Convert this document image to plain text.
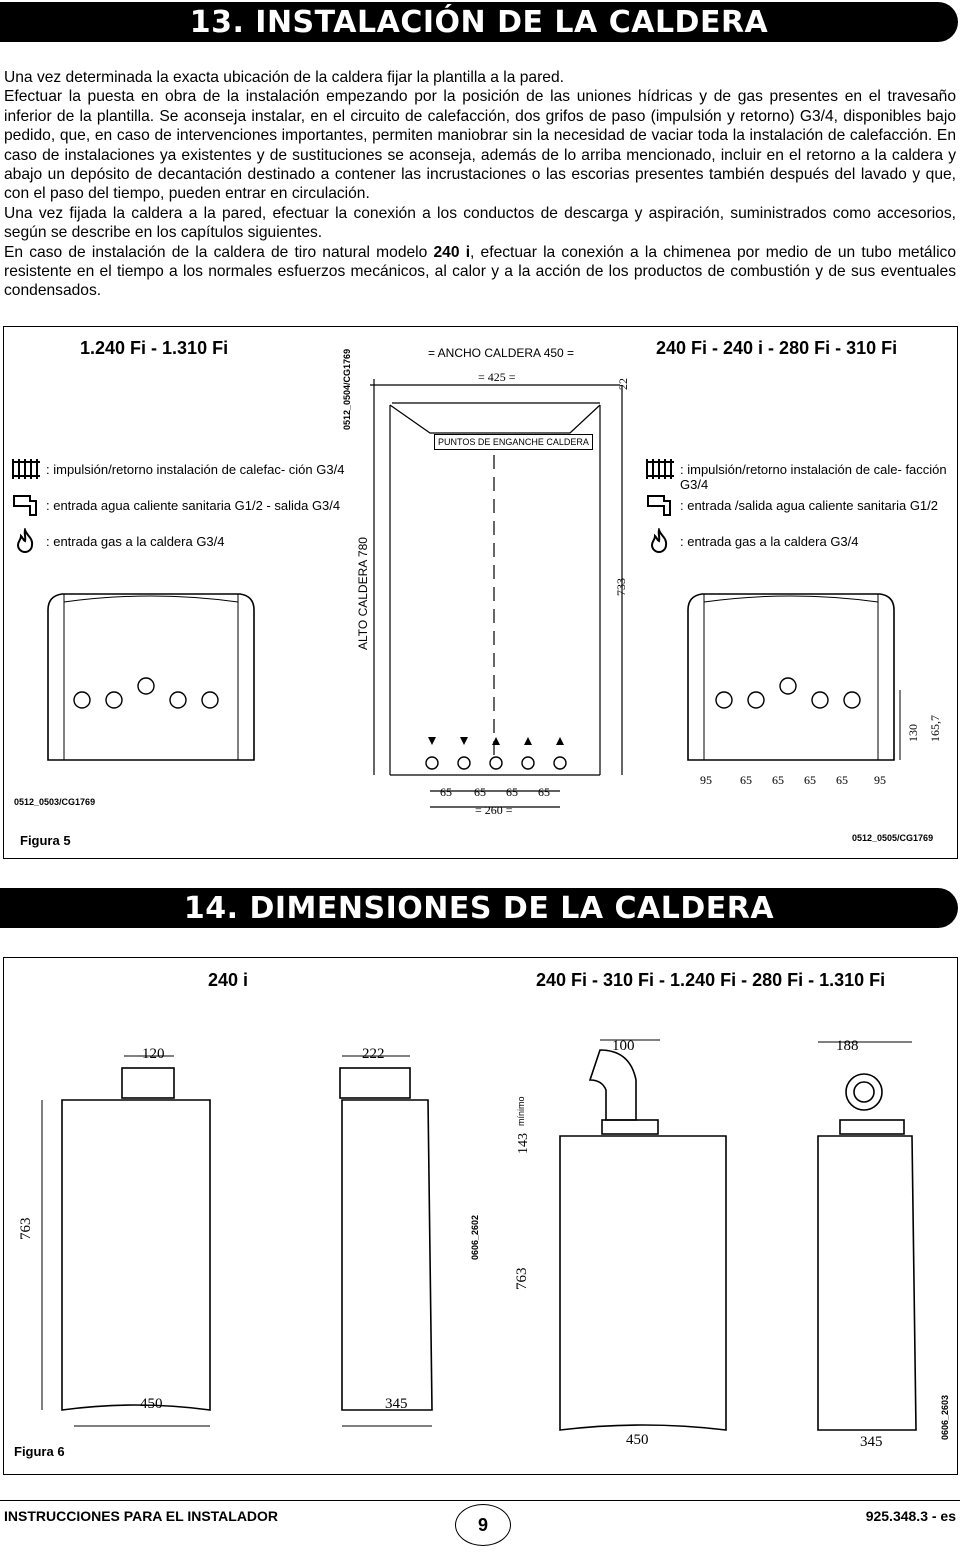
13. INSTALACIÓN DE LA CALDERA

Una vez determinada la exacta ubicación de la caldera fijar la plantilla a la pared.

Efectuar la puesta en obra de la instalación empezando por la posición de las uniones hídricas y de gas presentes en el travesaño inferior de la plantilla. Se aconseja instalar, en el circuito de calefacción, dos grifos de paso (impulsión y retorno) G3/4, disponibles bajo pedido, que, en caso de intervenciones importantes, permiten maniobrar sin la necesidad de vaciar toda la instalación de calefacción. En caso de instalaciones ya existentes y de sustituciones se aconseja, además de lo arriba mencionado, incluir en el retorno a la caldera y abajo un depósito de decantación destinado a contener las incrustaciones o las escorias presentes también después del lavado y que, con el paso del tiempo, pueden entrar en circulación.

Una vez fijada la caldera a la pared, efectuar la conexión a los conductos de descarga y aspiración, suministrados como accesorios, según se describe en los capítulos siguientes.

En caso de instalación de la caldera de tiro natural modelo 240 i, efectuar la conexión a la chimenea por medio de un tubo metálico resistente en el tiempo a los normales esfuerzos mecánicos, al calor y a la acción de los productos de combustión y de sus eventuales condensados.

1.240 Fi - 1.310 Fi	240 Fi - 240 i - 280 Fi - 310 Fi
0512_0504/CG1769
: impulsión/retorno instalación de calefac- ción G3/4
: entrada agua caliente sanitaria G1/2 - salida G3/4
: entrada gas a la caldera G3/4
: impulsión/retorno instalación de cale- facción G3/4
: entrada /salida agua caliente sanitaria G1/2
: entrada gas a la caldera G3/4
= ANCHO CALDERA 450 =
= 425 =	22
PUNTOS DE ENGANCHE CALDERA
ALTO CALDERA 780	733
65 65 65 65
= 260 =
95 65 65 65 65 95
130 165,7
0512_0503/CG1769
0512_0505/CG1769
Figura 5
14. DIMENSIONES DE LA CALDERA
240 i	240 Fi - 310 Fi - 1.240 Fi - 280 Fi - 1.310 Fi
120	222
763
450	345
0606_2602
100	188
143
mínimo
763
450	345
0606_2603
Figura 6
INSTRUCCIONES PARA EL INSTALADOR	9	925.348.3 - es
